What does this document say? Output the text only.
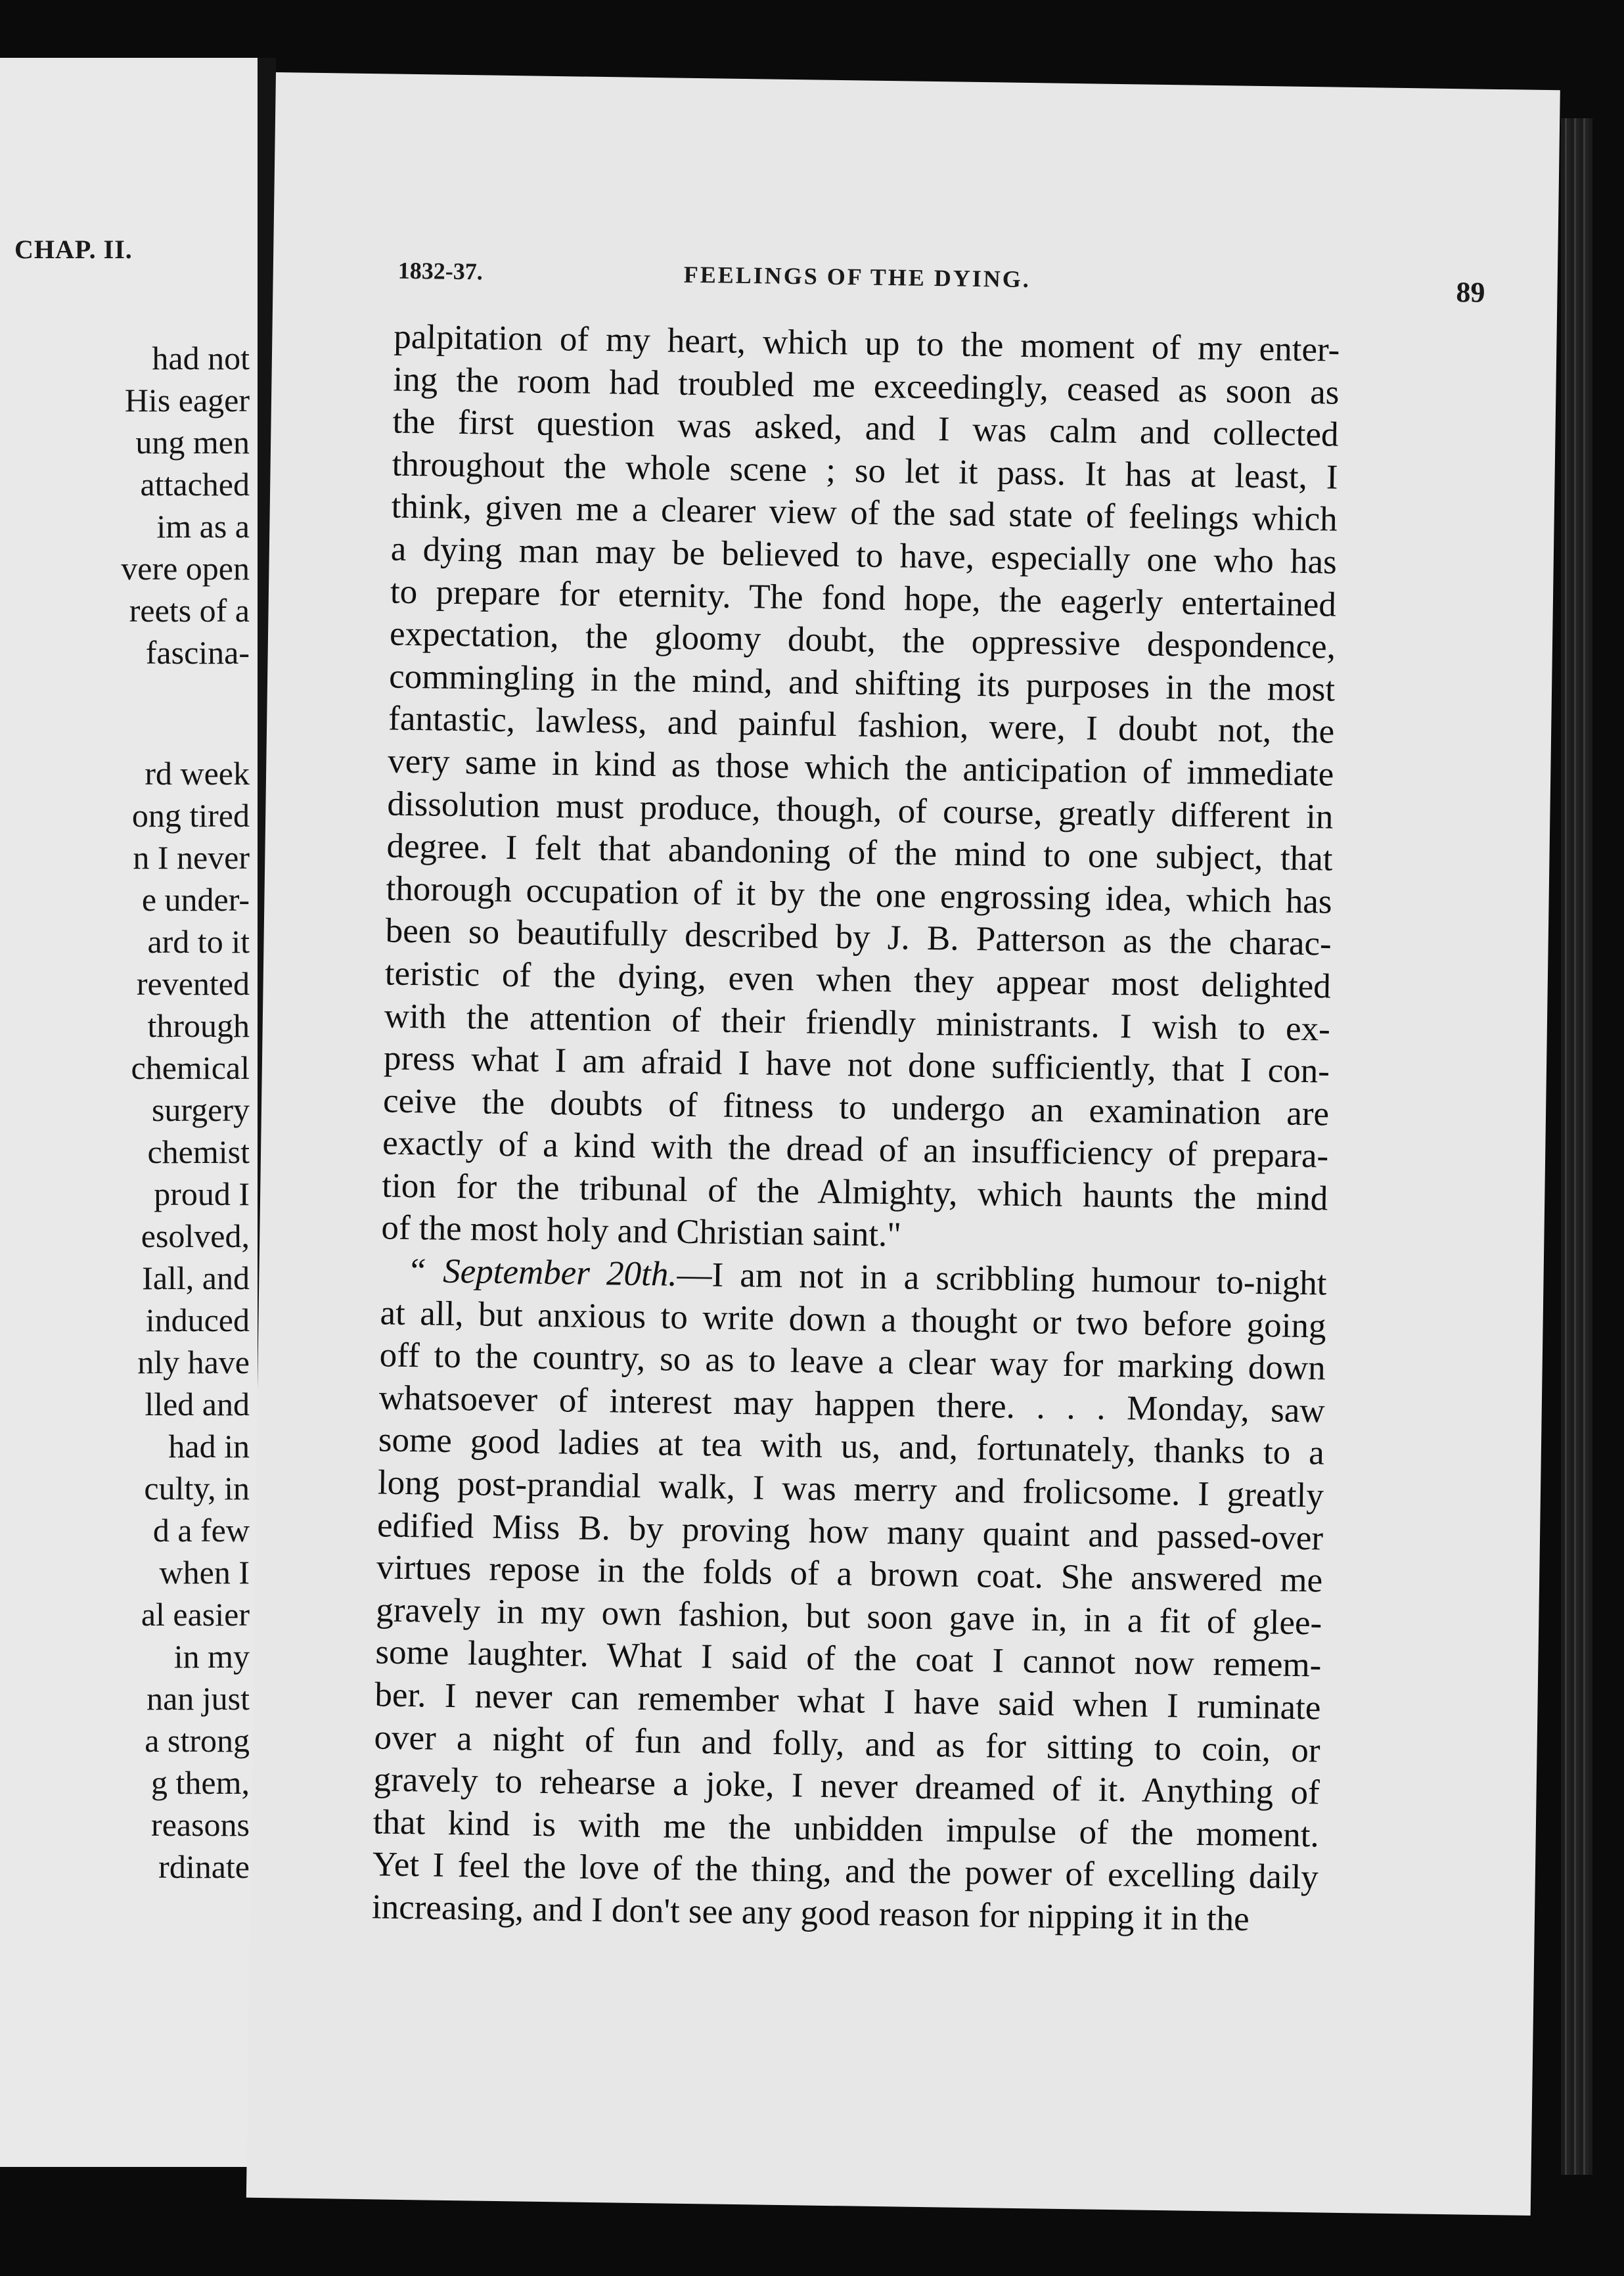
CHAP. II.
had not
His eager
ung men
attached
im as a
vere open
reets of a
fascina-
rd week
ong tired
n I never
e under-
ard to it
revented
through
chemical
surgery
chemist
proud I
esolved,
Iall, and
induced
nly have
lled and
had in
culty, in
d a few
when I
al easier
in my
nan just
a strong
g them,
reasons
rdinate
1832-37.	FEELINGS OF THE DYING.	89
palpitation of my heart, which up to the moment of my enter-
ing the room had troubled me exceedingly, ceased as soon as
the first question was asked, and I was calm and collected
throughout the whole scene ; so let it pass. It has at least, I
think, given me a clearer view of the sad state of feelings which
a dying man may be believed to have, especially one who has
to prepare for eternity. The fond hope, the eagerly entertained
expectation, the gloomy doubt, the oppressive despondence,
commingling in the mind, and shifting its purposes in the most
fantastic, lawless, and painful fashion, were, I doubt not, the
very same in kind as those which the anticipation of immediate
dissolution must produce, though, of course, greatly different in
degree. I felt that abandoning of the mind to one subject, that
thorough occupation of it by the one engrossing idea, which has
been so beautifully described by J. B. Patterson as the charac-
teristic of the dying, even when they appear most delighted
with the attention of their friendly ministrants. I wish to ex-
press what I am afraid I have not done sufficiently, that I con-
ceive the doubts of fitness to undergo an examination are
exactly of a kind with the dread of an insufficiency of prepara-
tion for the tribunal of the Almighty, which haunts the mind
of the most holy and Christian saint."
“ September 20th.—I am not in a scribbling humour to-night
at all, but anxious to write down a thought or two before going
off to the country, so as to leave a clear way for marking down
whatsoever of interest may happen there. . . . Monday, saw
some good ladies at tea with us, and, fortunately, thanks to a
long post-prandial walk, I was merry and frolicsome. I greatly
edified Miss B. by proving how many quaint and passed-over
virtues repose in the folds of a brown coat. She answered me
gravely in my own fashion, but soon gave in, in a fit of glee-
some laughter. What I said of the coat I cannot now remem-
ber. I never can remember what I have said when I ruminate
over a night of fun and folly, and as for sitting to coin, or
gravely to rehearse a joke, I never dreamed of it. Anything of
that kind is with me the unbidden impulse of the moment.
Yet I feel the love of the thing, and the power of excelling daily
increasing, and I don't see any good reason for nipping it in the
